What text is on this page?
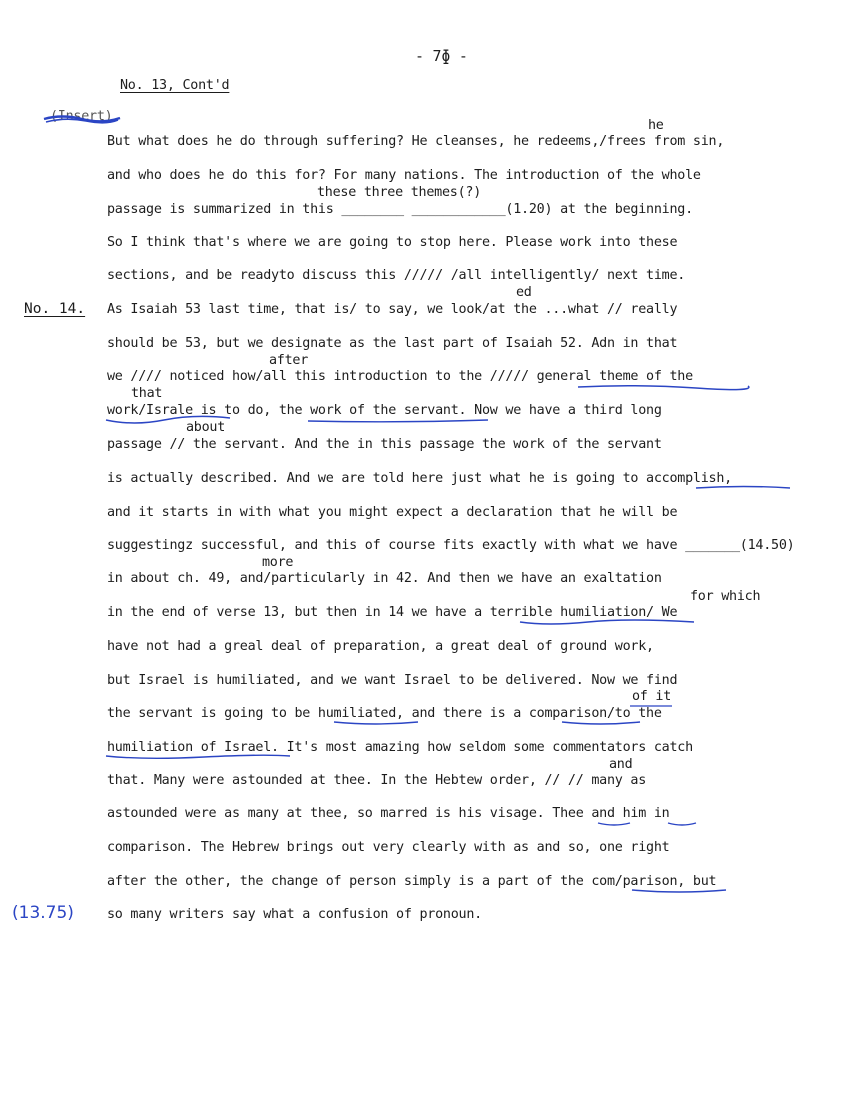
- 7ɸ -
No. 13, Cont'd
(Insert)
he
But what does he do through suffering? He cleanses, he redeems,/frees from sin,
and who does he do this for? For many nations. The introduction of the whole
these three themes(?)
passage is summarized in this ________ ____________(1.20) at the beginning.
So I think that's where we are going to stop here. Please work into these
sections, and be readyto discuss this ///// /all intelligently/ next time.
ed
No. 14. As Isaiah 53 last time, that is/ to say, we look/at the ...what // really
should be 53, but we designate as the last part of Isaiah 52. Adn in that
after
we //// noticed how/all this introduction to the ///// general theme of the
that
work/Israle is to do, the work of the servant. Now we have a third long
about
passage // the servant. And the in this passage the work of the servant
is actually described. And we are told here just what he is going to accomplish,
and it starts in with what you might expect a declaration that he will be
suggestingz successful, and this of course fits exactly with what we have _______(14.50)
more
in about ch. 49, and/particularly in 42. And then we have an exaltation
for which
in the end of verse 13, but then in 14 we have a terrible humiliation/ We
have not had a greal deal of preparation, a great deal of ground work,
but Israel is humiliated, and we want Israel to be delivered. Now we find
of it
the servant is going to be humiliated, and there is a comparison/to the
humiliation of Israel. It's most amazing how seldom some commentators catch
and
that. Many were astounded at thee. In the Hebtew order, // // many as
astounded were as many at thee, so marred is his visage. Thee and him in
comparison. The Hebrew brings out very clearly with as and so, one right
after the other, the change of person simply is a part of the com/parison, but
(13.75) so many writers say what a confusion of pronoun.
